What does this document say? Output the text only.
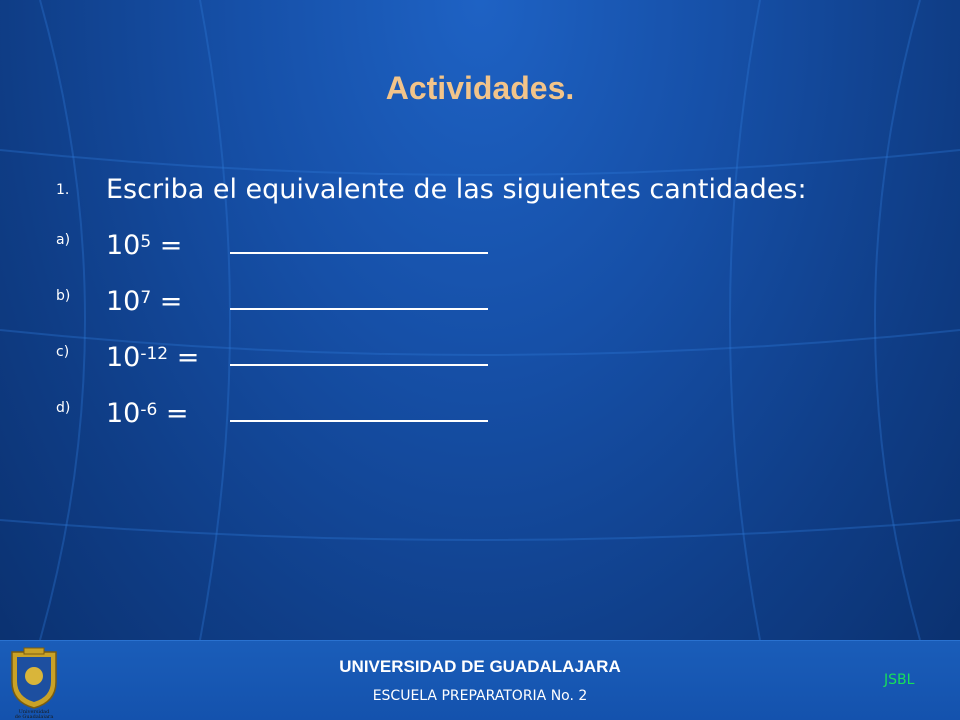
Actividades.
1.	Escriba el equivalente de las siguientes cantidades:
a)	$10^5$ =
b)	$10^7$ =
c)	$10^{-12}$ =
d)	$10^{-6}$ =
UNIVERSIDAD DE GUADALAJARA
ESCUELA PREPARATORIA No. 2
JSBL
Universidad
de Guadalajara
